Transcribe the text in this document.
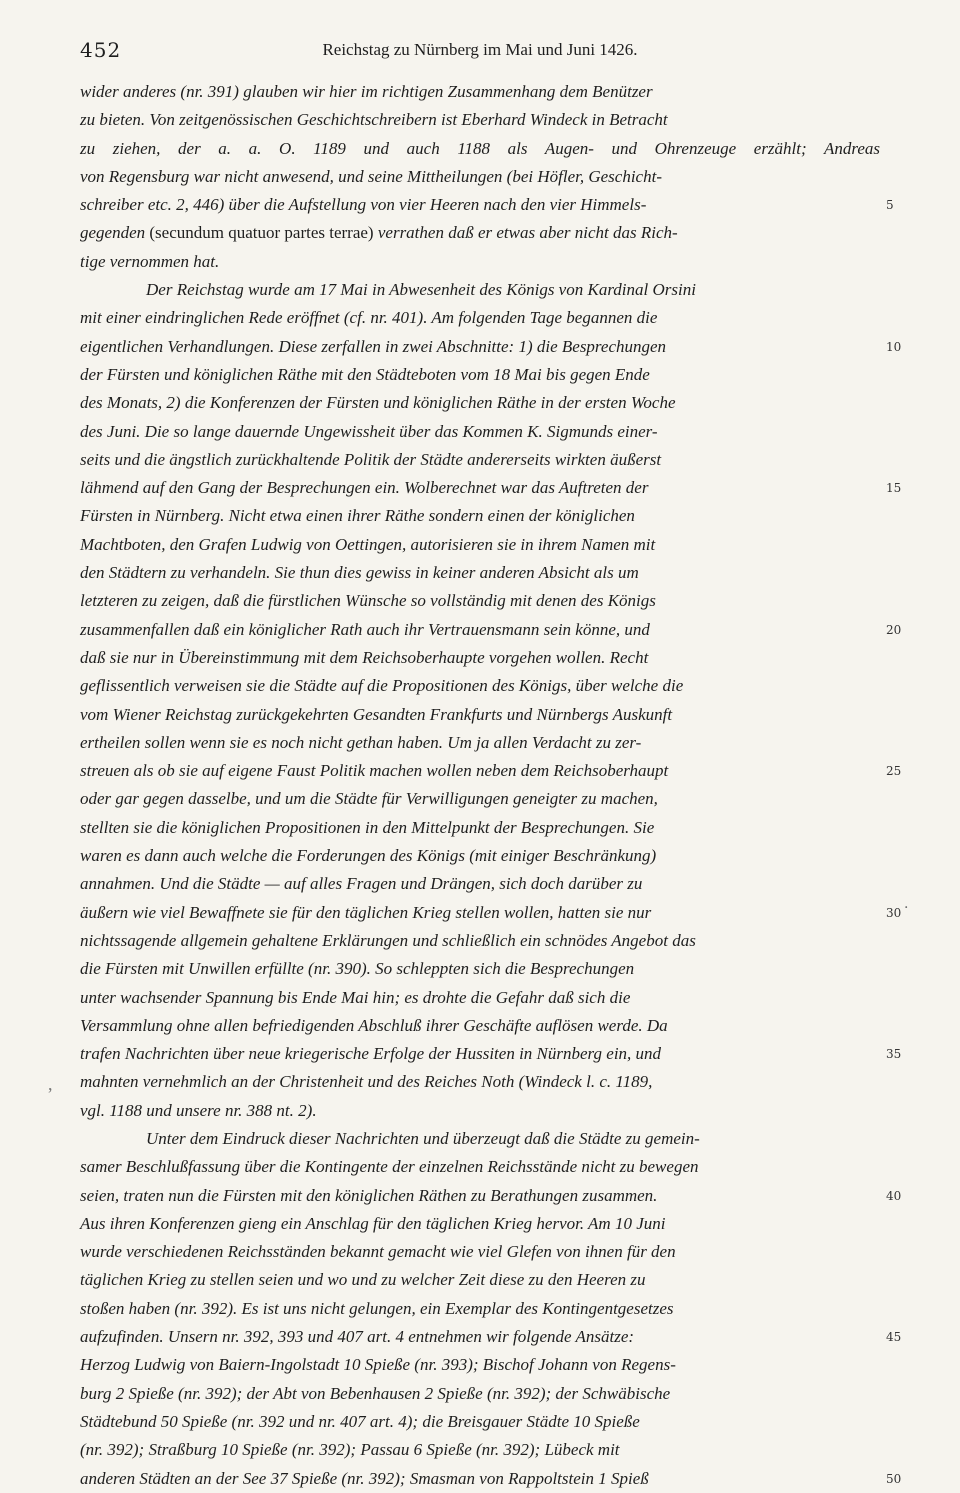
452	Reichstag zu Nürnberg im Mai und Juni 1426.
wider anderes (nr. 391) glauben wir hier im richtigen Zusammenhang dem Benützer
zu bieten. Von zeitgenössischen Geschichtschreibern ist Eberhard Windeck in Betracht
zu ziehen, der a. a. O. 1189 und auch 1188 als Augen- und Ohrenzeuge erzählt; Andreas
von Regensburg war nicht anwesend, und seine Mittheilungen (bei Höfler, Geschicht-
schreiber etc. 2, 446) über die Aufstellung von vier Heeren nach den vier Himmels-	5
gegenden (secundum quatuor partes terrae) verrathen daß er etwas aber nicht das Rich-
tige vernommen hat.
Der Reichstag wurde am 17 Mai in Abwesenheit des Königs von Kardinal Orsini
mit einer eindringlichen Rede eröffnet (cf. nr. 401). Am folgenden Tage begannen die
eigentlichen Verhandlungen. Diese zerfallen in zwei Abschnitte: 1) die Besprechungen	10
der Fürsten und königlichen Räthe mit den Städteboten vom 18 Mai bis gegen Ende
des Monats, 2) die Konferenzen der Fürsten und königlichen Räthe in der ersten Woche
des Juni. Die so lange dauernde Ungewissheit über das Kommen K. Sigmunds einer-
seits und die ängstlich zurückhaltende Politik der Städte andererseits wirkten äußerst
lähmend auf den Gang der Besprechungen ein. Wolberechnet war das Auftreten der	15
Fürsten in Nürnberg. Nicht etwa einen ihrer Räthe sondern einen der königlichen
Machtboten, den Grafen Ludwig von Oettingen, autorisieren sie in ihrem Namen mit
den Städtern zu verhandeln. Sie thun dies gewiss in keiner anderen Absicht als um
letzteren zu zeigen, daß die fürstlichen Wünsche so vollständig mit denen des Königs
zusammenfallen daß ein königlicher Rath auch ihr Vertrauensmann sein könne, und	20
daß sie nur in Übereinstimmung mit dem Reichsoberhaupte vorgehen wollen. Recht
geflissentlich verweisen sie die Städte auf die Propositionen des Königs, über welche die
vom Wiener Reichstag zurückgekehrten Gesandten Frankfurts und Nürnbergs Auskunft
ertheilen sollen wenn sie es noch nicht gethan haben. Um ja allen Verdacht zu zer-
streuen als ob sie auf eigene Faust Politik machen wollen neben dem Reichsoberhaupt	25
oder gar gegen dasselbe, und um die Städte für Verwilligungen geneigter zu machen,
stellten sie die königlichen Propositionen in den Mittelpunkt der Besprechungen. Sie
waren es dann auch welche die Forderungen des Königs (mit einiger Beschränkung)
annahmen. Und die Städte — auf alles Fragen und Drängen, sich doch darüber zu
äußern wie viel Bewaffnete sie für den täglichen Krieg stellen wollen, hatten sie nur	30
nichtssagende allgemein gehaltene Erklärungen und schließlich ein schnödes Angebot das
die Fürsten mit Unwillen erfüllte (nr. 390). So schleppten sich die Besprechungen
unter wachsender Spannung bis Ende Mai hin; es drohte die Gefahr daß sich die
Versammlung ohne allen befriedigenden Abschluß ihrer Geschäfte auflösen werde. Da
trafen Nachrichten über neue kriegerische Erfolge der Hussiten in Nürnberg ein, und	35
mahnten vernehmlich an der Christenheit und des Reiches Noth (Windeck l. c. 1189,
vgl. 1188 und unsere nr. 388 nt. 2).
Unter dem Eindruck dieser Nachrichten und überzeugt daß die Städte zu gemein-
samer Beschlußfassung über die Kontingente der einzelnen Reichsstände nicht zu bewegen
seien, traten nun die Fürsten mit den königlichen Räthen zu Berathungen zusammen.	40
Aus ihren Konferenzen gieng ein Anschlag für den täglichen Krieg hervor. Am 10 Juni
wurde verschiedenen Reichsständen bekannt gemacht wie viel Glefen von ihnen für den
täglichen Krieg zu stellen seien und wo und zu welcher Zeit diese zu den Heeren zu
stoßen haben (nr. 392). Es ist uns nicht gelungen, ein Exemplar des Kontingentgesetzes
aufzufinden. Unsern nr. 392, 393 und 407 art. 4 entnehmen wir folgende Ansätze:	45
Herzog Ludwig von Baiern-Ingolstadt 10 Spieße (nr. 393); Bischof Johann von Regens-
burg 2 Spieße (nr. 392); der Abt von Bebenhausen 2 Spieße (nr. 392); der Schwäbische
Städtebund 50 Spieße (nr. 392 und nr. 407 art. 4); die Breisgauer Städte 10 Spieße
(nr. 392); Straßburg 10 Spieße (nr. 392); Passau 6 Spieße (nr. 392); Lübeck mit
anderen Städten an der See 37 Spieße (nr. 392); Smasman von Rappoltstein 1 Spieß	50
,
·
